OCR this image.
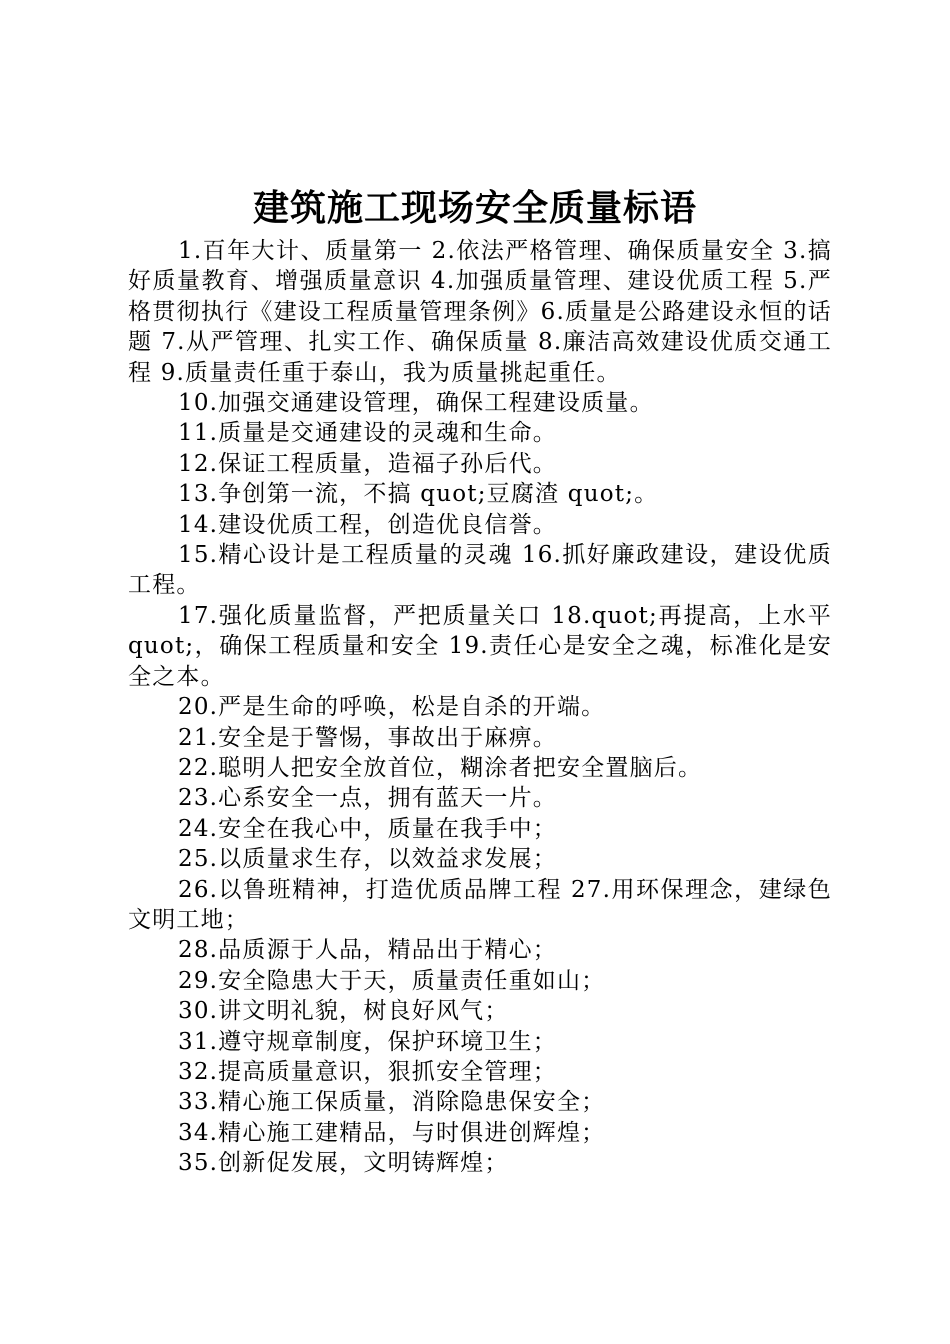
建筑施工现场安全质量标语

1.百年大计、质量第一 2.依法严格管理、确保质量安全 3.搞好质量教育、增强质量意识 4.加强质量管理、建设优质工程 5.严格贯彻执行《建设工程质量管理条例》6.质量是公路建设永恒的话题 7.从严管理、扎实工作、确保质量 8.廉洁高效建设优质交通工程 9.质量责任重于泰山，我为质量挑起重任。

10.加强交通建设管理，确保工程建设质量。

11.质量是交通建设的灵魂和生命。

12.保证工程质量，造福子孙后代。

13.争创第一流，不搞 quot;豆腐渣 quot;。

14.建设优质工程，创造优良信誉。

15.精心设计是工程质量的灵魂 16.抓好廉政建设，建设优质工程。

17.强化质量监督，严把质量关口 18.quot;再提高，上水平 quot;，确保工程质量和安全 19.责任心是安全之魂，标准化是安全之本。

20.严是生命的呼唤，松是自杀的开端。

21.安全是于警惕，事故出于麻痹。

22.聪明人把安全放首位，糊涂者把安全置脑后。

23.心系安全一点，拥有蓝天一片。

24.安全在我心中，质量在我手中；

25.以质量求生存，以效益求发展；

26.以鲁班精神，打造优质品牌工程 27.用环保理念，建绿色文明工地；

28.品质源于人品，精品出于精心；

29.安全隐患大于天，质量责任重如山；

30.讲文明礼貌，树良好风气；

31.遵守规章制度，保护环境卫生；

32.提高质量意识，狠抓安全管理；

33.精心施工保质量，消除隐患保安全；

34.精心施工建精品，与时俱进创辉煌；

35.创新促发展，文明铸辉煌；
